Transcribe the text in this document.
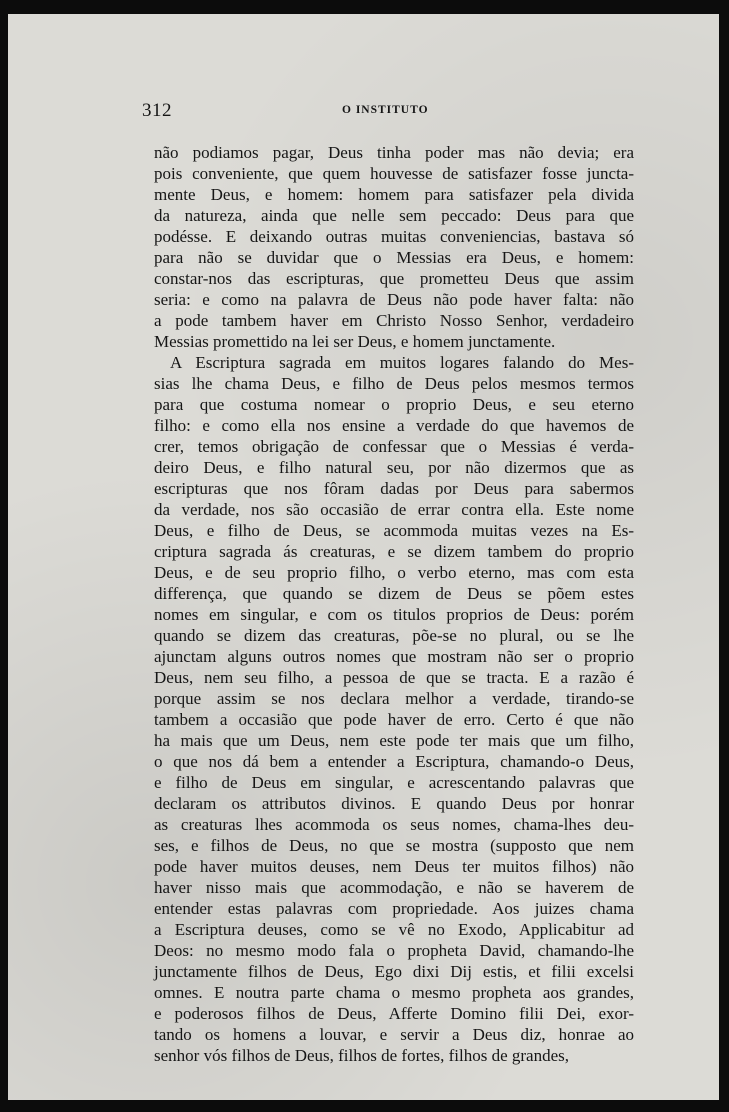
312	O INSTITUTO
não podiamos pagar, Deus tinha poder mas não devia; era
pois conveniente, que quem houvesse de satisfazer fosse juncta-
mente Deus, e homem: homem para satisfazer pela divida
da natureza, ainda que nelle sem peccado: Deus para que
podésse. E deixando outras muitas conveniencias, bastava só
para não se duvidar que o Messias era Deus, e homem:
constar-nos das escripturas, que prometteu Deus que assim
seria: e como na palavra de Deus não pode haver falta: não
a pode tambem haver em Christo Nosso Senhor, verdadeiro
Messias promettido na lei ser Deus, e homem junctamente.
A Escriptura sagrada em muitos logares falando do Mes-
sias lhe chama Deus, e filho de Deus pelos mesmos termos
para que costuma nomear o proprio Deus, e seu eterno
filho: e como ella nos ensine a verdade do que havemos de
crer, temos obrigação de confessar que o Messias é verda-
deiro Deus, e filho natural seu, por não dizermos que as
escripturas que nos fôram dadas por Deus para sabermos
da verdade, nos são occasião de errar contra ella. Este nome
Deus, e filho de Deus, se acommoda muitas vezes na Es-
criptura sagrada ás creaturas, e se dizem tambem do proprio
Deus, e de seu proprio filho, o verbo eterno, mas com esta
differença, que quando se dizem de Deus se põem estes
nomes em singular, e com os titulos proprios de Deus: porém
quando se dizem das creaturas, põe-se no plural, ou se lhe
ajunctam alguns outros nomes que mostram não ser o proprio
Deus, nem seu filho, a pessoa de que se tracta. E a razão é
porque assim se nos declara melhor a verdade, tirando-se
tambem a occasião que pode haver de erro. Certo é que não
ha mais que um Deus, nem este pode ter mais que um filho,
o que nos dá bem a entender a Escriptura, chamando-o Deus,
e filho de Deus em singular, e acrescentando palavras que
declaram os attributos divinos. E quando Deus por honrar
as creaturas lhes acommoda os seus nomes, chama-lhes deu-
ses, e filhos de Deus, no que se mostra (supposto que nem
pode haver muitos deuses, nem Deus ter muitos filhos) não
haver nisso mais que acommodação, e não se haverem de
entender estas palavras com propriedade. Aos juizes chama
a Escriptura deuses, como se vê no Exodo, Applicabitur ad
Deos: no mesmo modo fala o propheta David, chamando-lhe
junctamente filhos de Deus, Ego dixi Dij estis, et filii excelsi
omnes. E noutra parte chama o mesmo propheta aos grandes,
e poderosos filhos de Deus, Afferte Domino filii Dei, exor-
tando os homens a louvar, e servir a Deus diz, honrae ao
senhor vós filhos de Deus, filhos de fortes, filhos de grandes,
